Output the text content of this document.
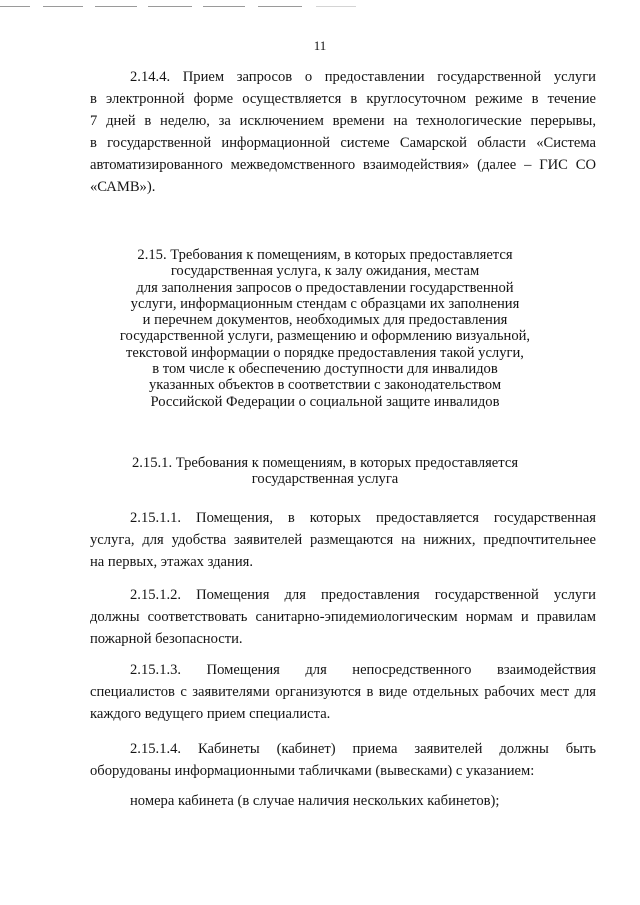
11
2.14.4. Прием запросов о предоставлении государственной услуги
в электронной форме осуществляется в круглосуточном режиме в течение
7 дней в неделю, за исключением времени на технологические перерывы,
в государственной информационной системе Самарской области «Система
автоматизированного межведомственного взаимодействия» (далее – ГИС СО
«САМВ»).
2.15. Требования к помещениям, в которых предоставляется
государственная услуга, к залу ожидания, местам
для заполнения запросов о предоставлении государственной
услуги, информационным стендам с образцами их заполнения
и перечнем документов, необходимых для предоставления
государственной услуги, размещению и оформлению визуальной,
текстовой информации о порядке предоставления такой услуги,
в том числе к обеспечению доступности для инвалидов
указанных объектов в соответствии с законодательством
Российской Федерации о социальной защите инвалидов
2.15.1. Требования к помещениям, в которых предоставляется
государственная услуга
2.15.1.1. Помещения, в которых предоставляется государственная
услуга, для удобства заявителей размещаются на нижних, предпочтительнее
на первых, этажах здания.
2.15.1.2. Помещения для предоставления государственной услуги
должны соответствовать санитарно-эпидемиологическим нормам и правилам
пожарной безопасности.
2.15.1.3. Помещения для непосредственного взаимодействия
специалистов с заявителями организуются в виде отдельных рабочих мест для
каждого ведущего прием специалиста.
2.15.1.4. Кабинеты (кабинет) приема заявителей должны быть
оборудованы информационными табличками (вывесками) с указанием:
номера кабинета (в случае наличия нескольких кабинетов);
